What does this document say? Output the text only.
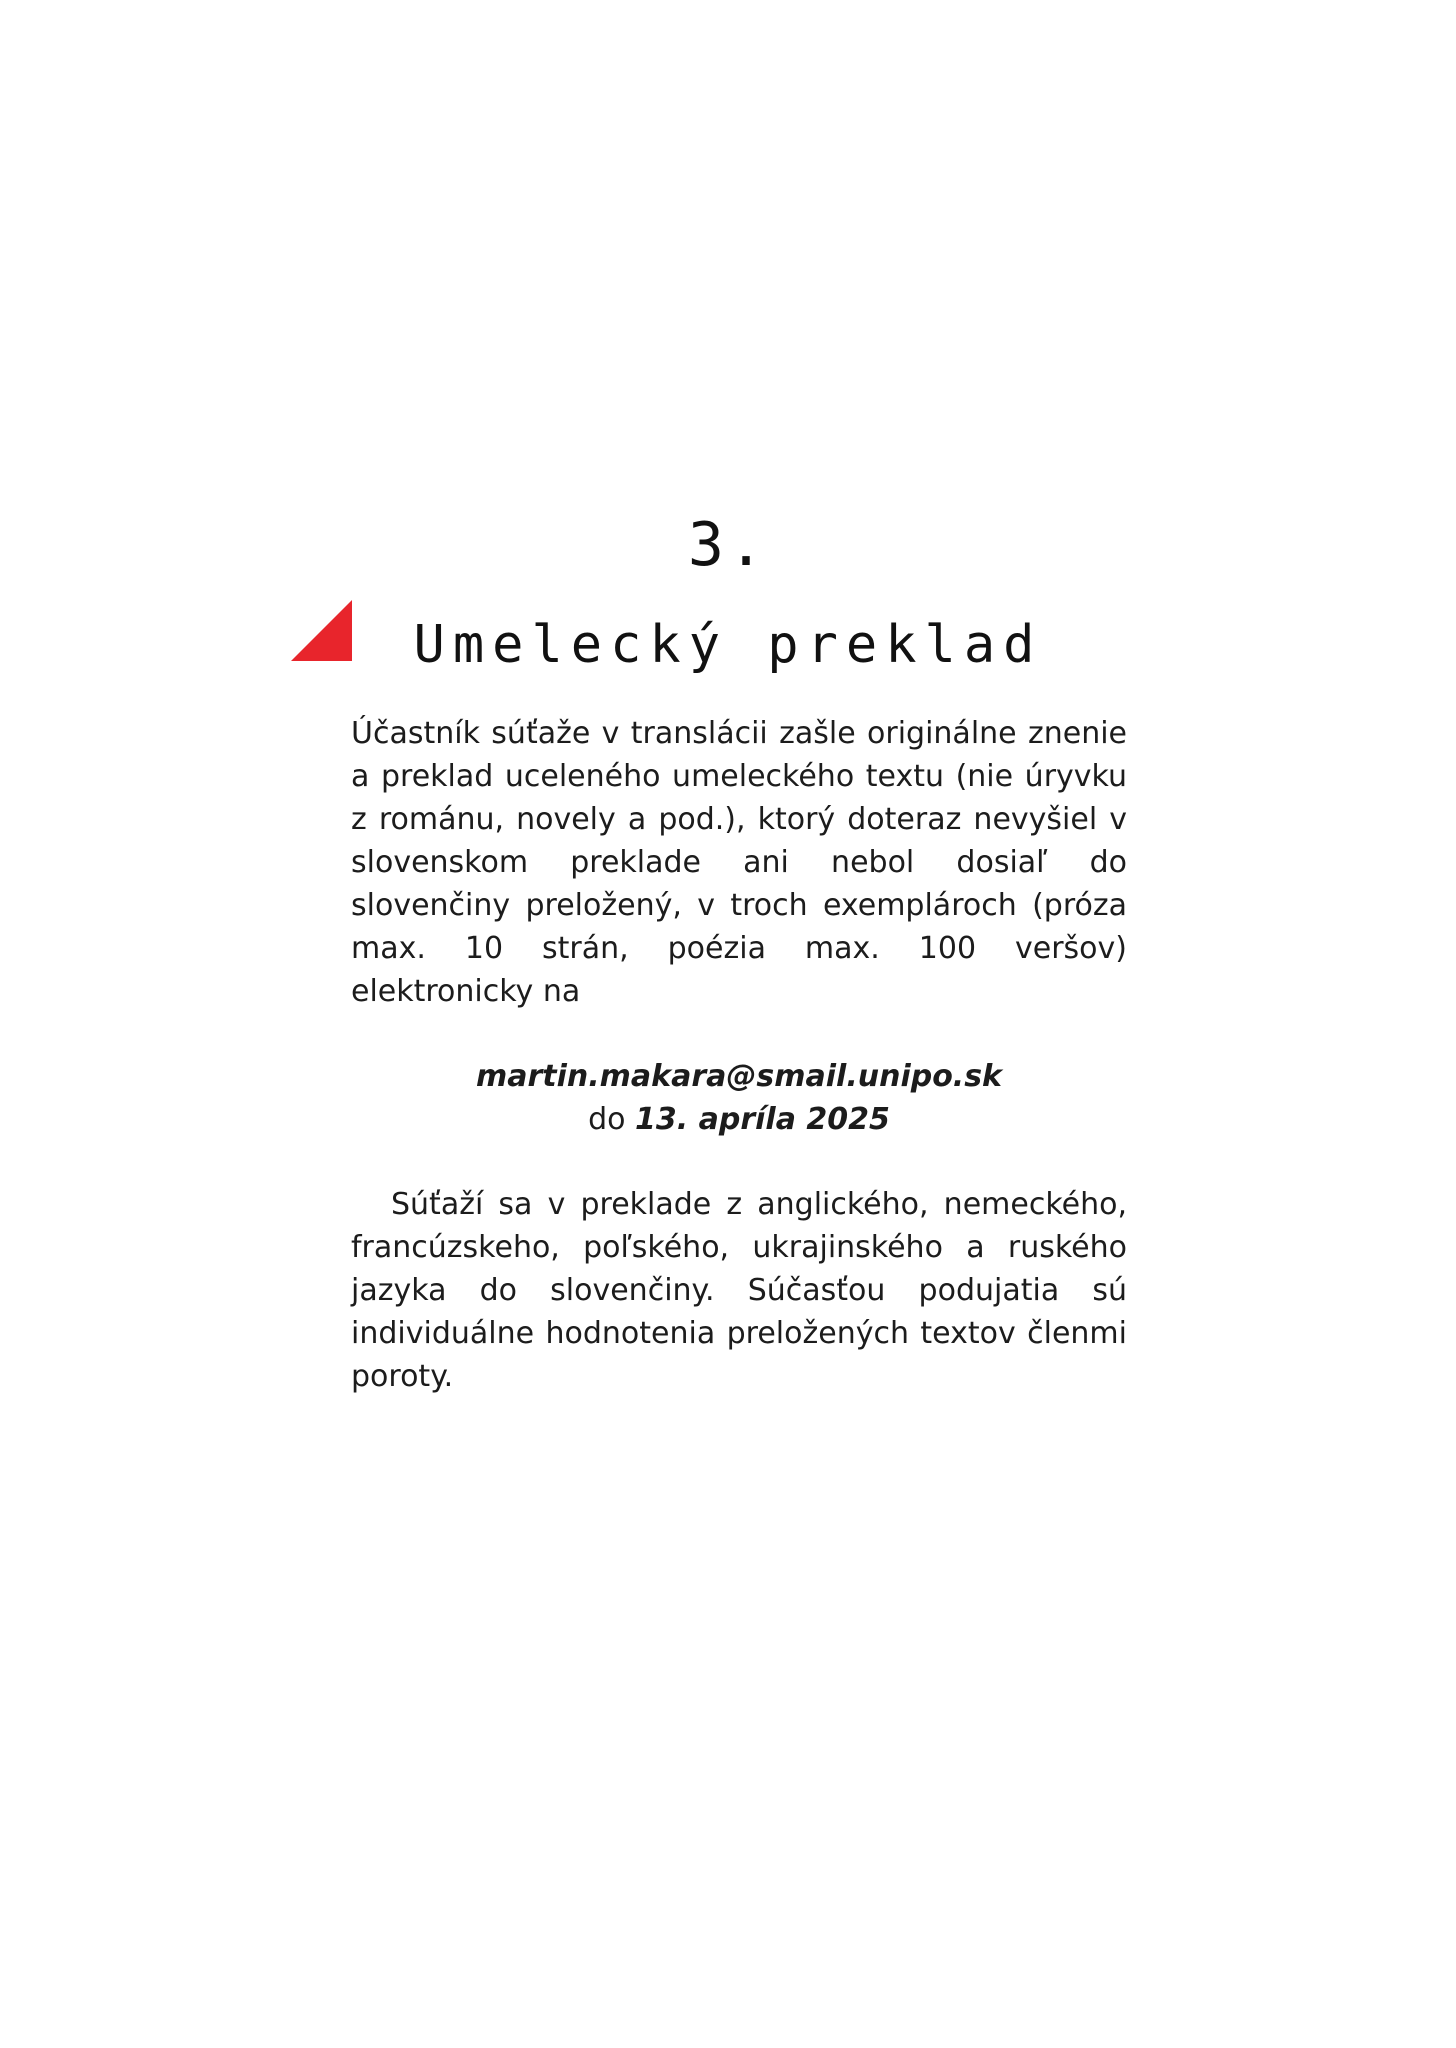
3.
Umelecký preklad

Účastník súťaže v translácii zašle originálne znenie a preklad uceleného umeleckého textu (nie úryvku z románu, novely a pod.), ktorý doteraz nevyšiel v slovenskom preklade ani nebol dosiaľ do slovenčiny preložený, v troch exemplároch (próza max. 10 strán, poézia max. 100 veršov) elektronicky na

martin.makara@smail.unipo.sk
do 13. apríla 2025

Súťaží sa v preklade z anglického, nemeckého, francúzskeho, poľského, ukrajinského a ruského jazyka do slovenčiny. Súčasťou podujatia sú individuálne hodnotenia preložených textov členmi poroty.
